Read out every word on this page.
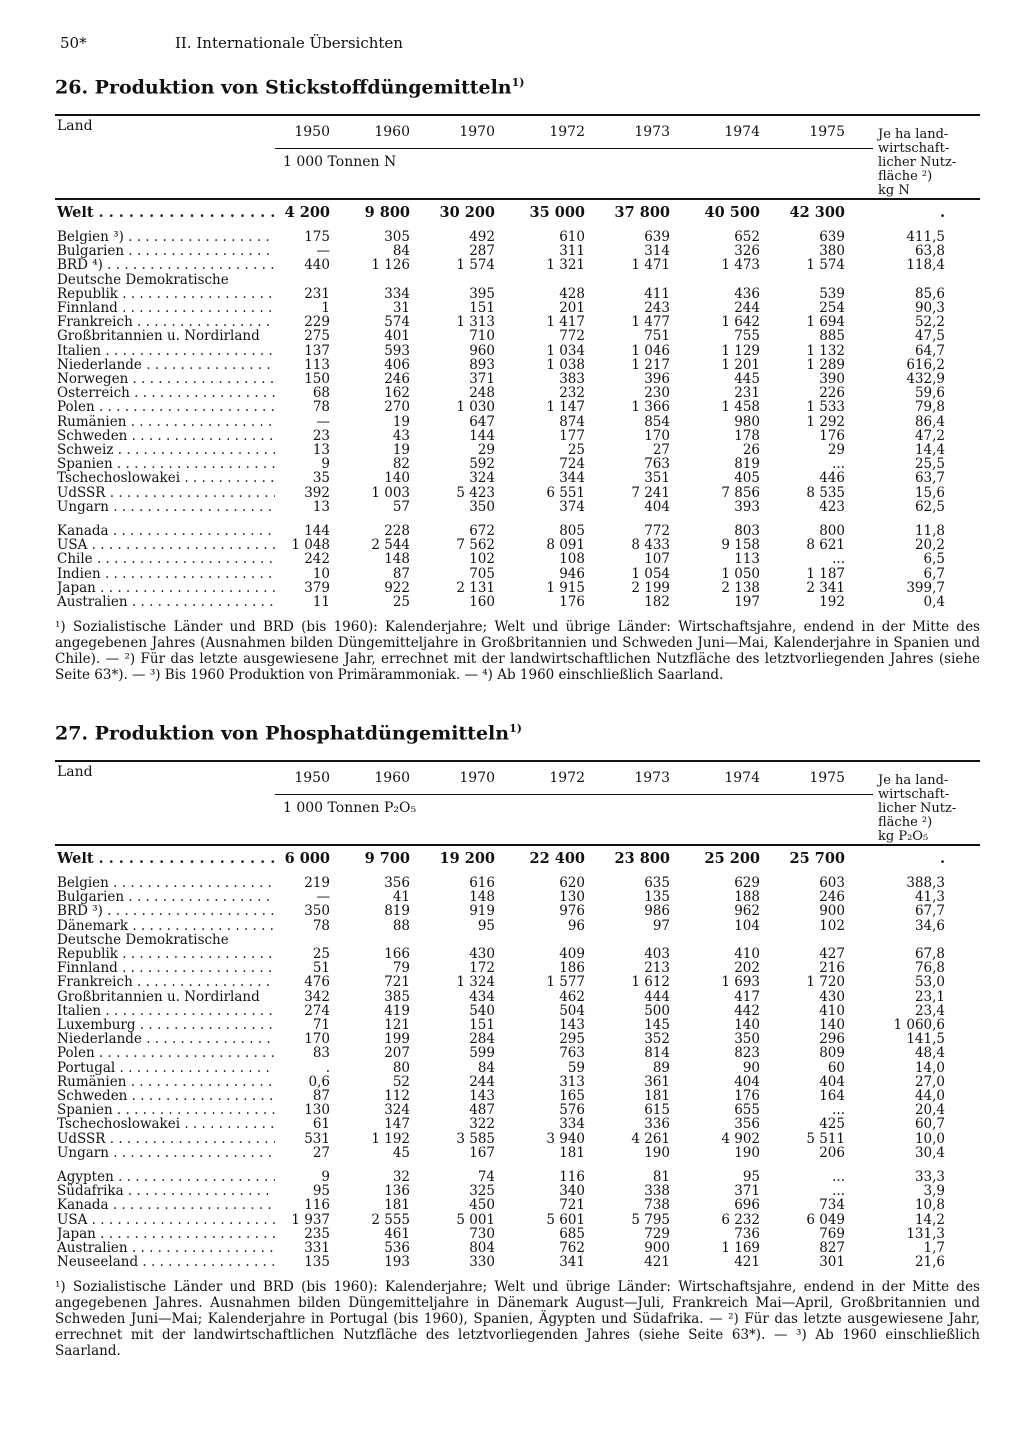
50*	II. Internationale Übersichten
26. Produktion von Stickstoffdüngemitteln$^{1)}$
Land	1950	1960	1970	1972	1973	1974	1975
1 000 Tonnen N
Je ha land-
wirtschaft-
licher Nutz-
fläche ²)
kg N
Welt . . .	4 200	9 800	30 200	35 000	37 800	40 500	42 300	.
Belgien ³) . . .	175	305	492	610	639	652	639	411,5
Bulgarien . . .	—	84	287	311	314	326	380	63,8
BRD ⁴) . . .	440	1 126	1 574	1 321	1 471	1 473	1 574	118,4
Deutsche Demokratische
Republik . . .	231	334	395	428	411	436	539	85,6
Finnland . . .	1	31	151	201	243	244	254	90,3
Frankreich . . .	229	574	1 313	1 417	1 477	1 642	1 694	52,2
Großbritannien u. Nordirland	275	401	710	772	751	755	885	47,5
Italien . . .	137	593	960	1 034	1 046	1 129	1 132	64,7
Niederlande . . .	113	406	893	1 038	1 217	1 201	1 289	616,2
Norwegen . . .	150	246	371	383	396	445	390	432,9
Österreich . . .	68	162	248	232	230	231	226	59,6
Polen . . .	78	270	1 030	1 147	1 366	1 458	1 533	79,8
Rumänien . . .	—	19	647	874	854	980	1 292	86,4
Schweden . . .	23	43	144	177	170	178	176	47,2
Schweiz . . .	13	19	29	25	27	26	29	14,4
Spanien . . .	9	82	592	724	763	819	...	25,5
Tschechoslowakei . . .	35	140	324	344	351	405	446	63,7
UdSSR . . .	392	1 003	5 423	6 551	7 241	7 856	8 535	15,6
Ungarn . . .	13	57	350	374	404	393	423	62,5
Kanada . . .	144	228	672	805	772	803	800	11,8
USA . . .	1 048	2 544	7 562	8 091	8 433	9 158	8 621	20,2
Chile . . .	242	148	102	108	107	113	...	6,5
Indien . . .	10	87	705	946	1 054	1 050	1 187	6,7
Japan . . .	379	922	2 131	1 915	2 199	2 138	2 341	399,7
Australien . . .	11	25	160	176	182	197	192	0,4
¹) Sozialistische Länder und BRD (bis 1960): Kalenderjahre; Welt und übrige Länder: Wirtschaftsjahre, endend in der Mitte des angegebenen Jahres (Ausnahmen bilden Düngemitteljahre in Großbritannien und Schweden Juni—Mai, Kalenderjahre in Spanien und Chile). — ²) Für das letzte ausgewiesene Jahr, errechnet mit der landwirtschaftlichen Nutzfläche des letztvorliegenden Jahres (siehe Seite 63*). — ³) Bis 1960 Produktion von Primärammoniak. — ⁴) Ab 1960 einschließlich Saarland.
27. Produktion von Phosphatdüngemitteln$^{1)}$
Land	1950	1960	1970	1972	1973	1974	1975
1 000 Tonnen P₂O₅
Je ha land-
wirtschaft-
licher Nutz-
fläche ²)
kg P₂O₅
Welt . . .	6 000	9 700	19 200	22 400	23 800	25 200	25 700	.
Belgien . . .	219	356	616	620	635	629	603	388,3
Bulgarien . . .	—	41	148	130	135	188	246	41,3
BRD ³) . . .	350	819	919	976	986	962	900	67,7
Dänemark . . .	78	88	95	96	97	104	102	34,6
Deutsche Demokratische
Republik . . .	25	166	430	409	403	410	427	67,8
Finnland . . .	51	79	172	186	213	202	216	76,8
Frankreich . . .	476	721	1 324	1 577	1 612	1 693	1 720	53,0
Großbritannien u. Nordirland	342	385	434	462	444	417	430	23,1
Italien . . .	274	419	540	504	500	442	410	23,4
Luxemburg . . .	71	121	151	143	145	140	140	1 060,6
Niederlande . . .	170	199	284	295	352	350	296	141,5
Polen . . .	83	207	599	763	814	823	809	48,4
Portugal . . .	.	80	84	59	89	90	60	14,0
Rumänien . . .	0,6	52	244	313	361	404	404	27,0
Schweden . . .	87	112	143	165	181	176	164	44,0
Spanien . . .	130	324	487	576	615	655	...	20,4
Tschechoslowakei . . .	61	147	322	334	336	356	425	60,7
UdSSR . . .	531	1 192	3 585	3 940	4 261	4 902	5 511	10,0
Ungarn . . .	27	45	167	181	190	190	206	30,4
Ägypten . . .	9	32	74	116	81	95	...	33,3
Südafrika . . .	95	136	325	340	338	371	...	3,9
Kanada . . .	116	181	450	721	738	696	734	10,8
USA . . .	1 937	2 555	5 001	5 601	5 795	6 232	6 049	14,2
Japan . . .	235	461	730	685	729	736	769	131,3
Australien . . .	331	536	804	762	900	1 169	827	1,7
Neuseeland . . .	135	193	330	341	421	421	301	21,6
¹) Sozialistische Länder und BRD (bis 1960): Kalenderjahre; Welt und übrige Länder: Wirtschaftsjahre, endend in der Mitte des angegebenen Jahres. Ausnahmen bilden Düngemitteljahre in Dänemark August—Juli, Frankreich Mai—April, Großbritannien und Schweden Juni—Mai; Kalenderjahre in Portugal (bis 1960), Spanien, Ägypten und Südafrika. — ²) Für das letzte ausgewiesene Jahr, errechnet mit der landwirtschaftlichen Nutzfläche des letztvorliegenden Jahres (siehe Seite 63*). — ³) Ab 1960 einschließlich Saarland.
